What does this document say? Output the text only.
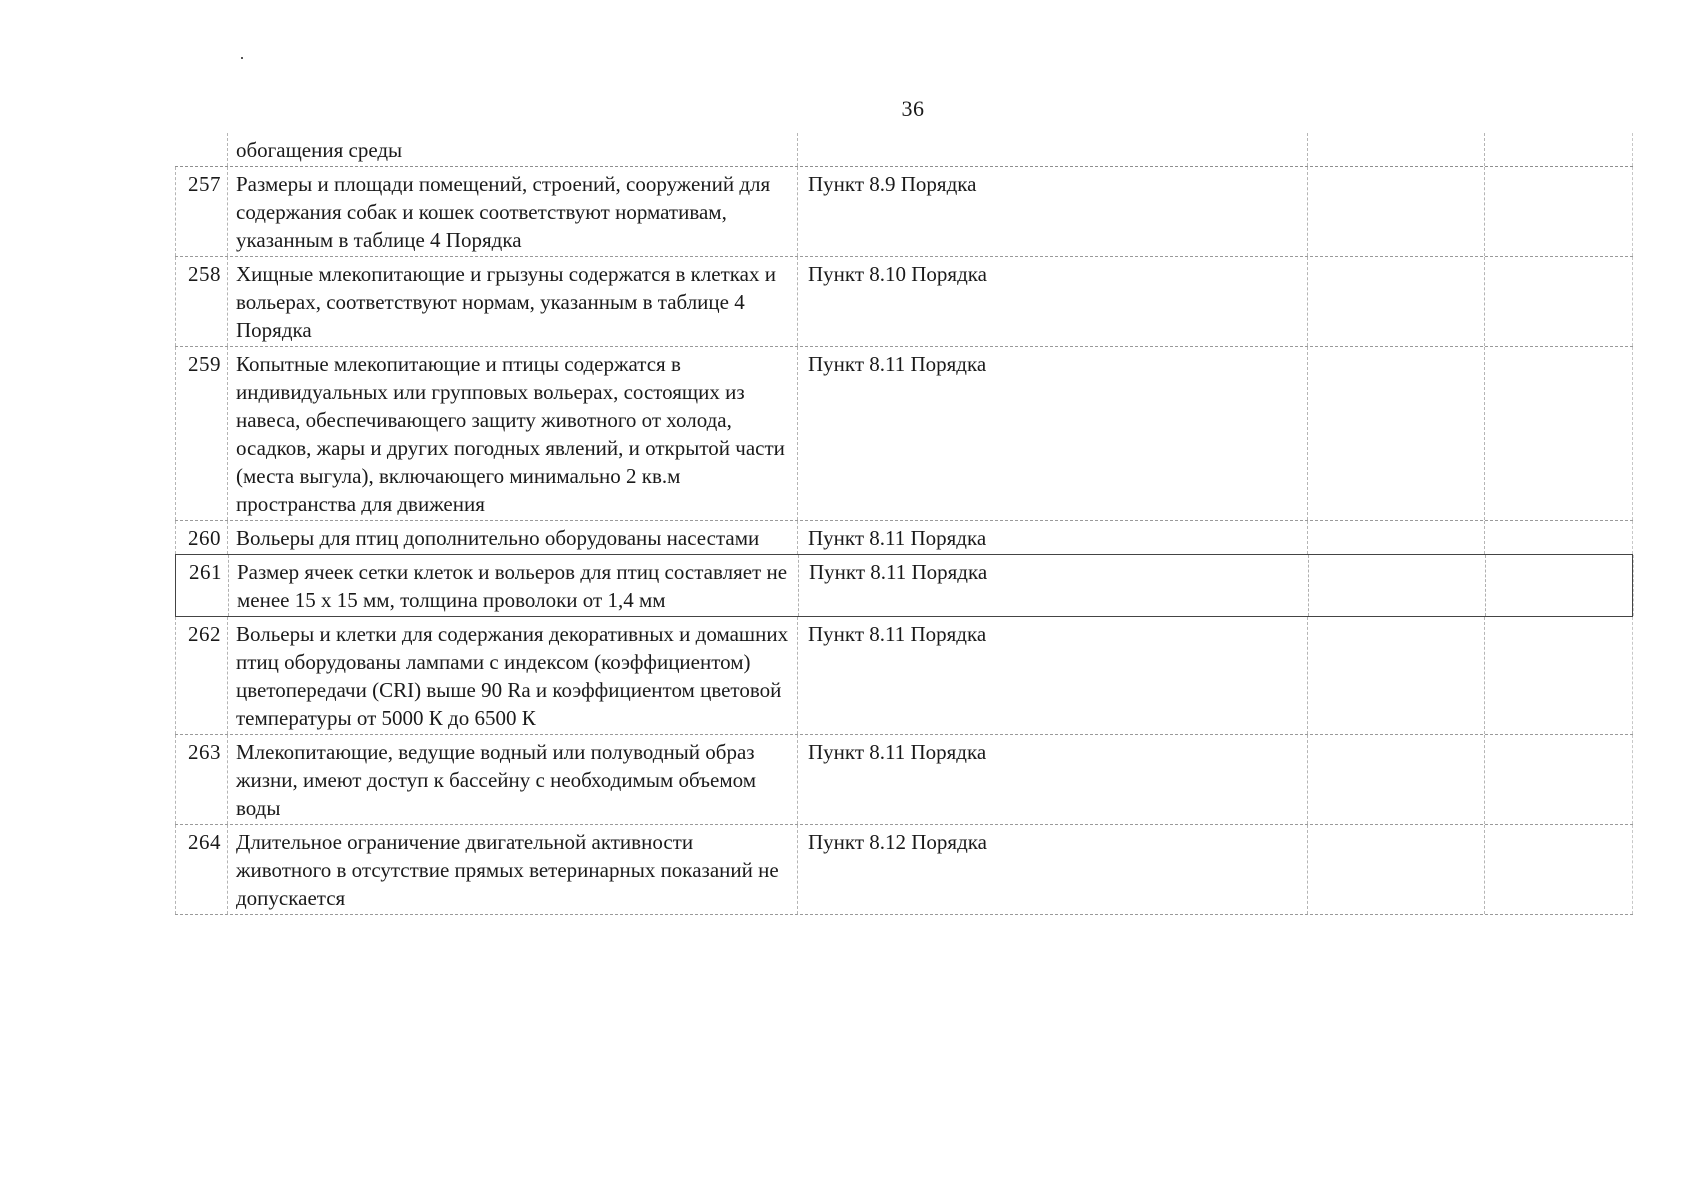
36
обогащения среды
257 Размеры и площади помещений, строений, сооружений для содержания собак и кошек соответствуют нормативам, указанным в таблице 4 Порядка
Пункт 8.9 Порядка
258 Хищные млекопитающие и грызуны содержатся в клетках и вольерах, соответствуют нормам, указанным в таблице 4 Порядка
Пункт 8.10 Порядка
259 Копытные млекопитающие и птицы содержатся в индивидуальных или групповых вольерах, состоящих из навеса, обеспечивающего защиту животного от холода, осадков, жары и других погодных явлений, и открытой части (места выгула), включающего минимально 2 кв.м пространства для движения
Пункт 8.11 Порядка
260 Вольеры для птиц дополнительно оборудованы насестами	Пункт 8.11 Порядка
261 Размер ячеек сетки клеток и вольеров для птиц составляет не менее 15 x 15 мм, толщина проволоки от 1,4 мм
Пункт 8.11 Порядка
262 Вольеры и клетки для содержания декоративных и домашних птиц оборудованы лампами с индексом (коэффициентом) цветопередачи (CRI) выше 90 Ra и коэффициентом цветовой температуры от 5000 К до 6500 К
Пункт 8.11 Порядка
263 Млекопитающие, ведущие водный или полуводный образ жизни, имеют доступ к бассейну с необходимым объемом воды
Пункт 8.11 Порядка
264 Длительное ограничение двигательной активности животного в отсутствие прямых ветеринарных показаний не допускается
Пункт 8.12 Порядка
